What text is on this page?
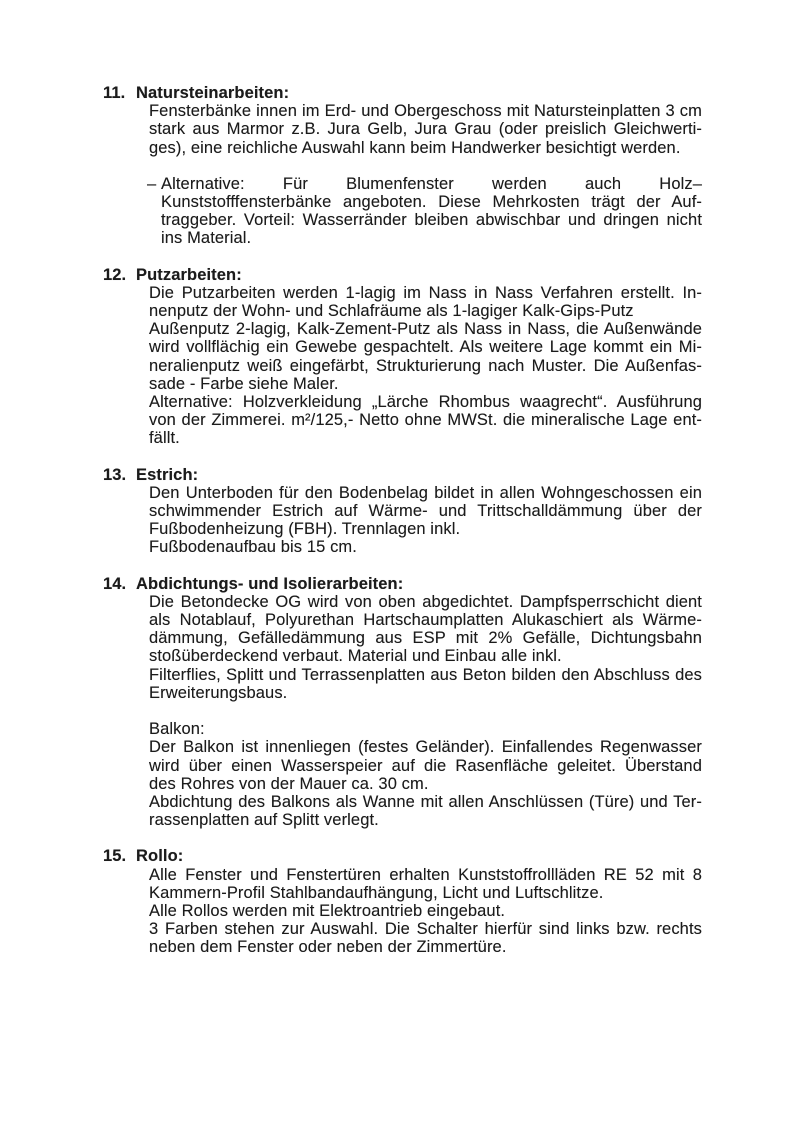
11. Natursteinarbeiten:
Fensterbänke innen im Erd- und Obergeschoss mit Natursteinplatten 3 cm
stark aus Marmor z.B. Jura Gelb, Jura Grau (oder preislich Gleichwerti-
ges), eine reichliche Auswahl kann beim Handwerker besichtigt werden.
– Alternative: Für Blumenfenster werden auch Holz–
Kunststofffensterbänke angeboten. Diese Mehrkosten trägt der Auf-
traggeber. Vorteil: Wasserränder bleiben abwischbar und dringen nicht
ins Material.
12. Putzarbeiten:
Die Putzarbeiten werden 1-lagig im Nass in Nass Verfahren erstellt. In-
nenputz der Wohn- und Schlafräume als 1-lagiger Kalk-Gips-Putz
Außenputz 2-lagig, Kalk-Zement-Putz als Nass in Nass, die Außenwände
wird vollflächig ein Gewebe gespachtelt. Als weitere Lage kommt ein Mi-
neralienputz weiß eingefärbt, Strukturierung nach Muster. Die Außenfas-
sade - Farbe siehe Maler.
Alternative: Holzverkleidung „Lärche Rhombus waagrecht“. Ausführung
von der Zimmerei. m²/125,- Netto ohne MWSt. die mineralische Lage ent-
fällt.
13. Estrich:
Den Unterboden für den Bodenbelag bildet in allen Wohngeschossen ein
schwimmender Estrich auf Wärme- und Trittschalldämmung über der
Fußbodenheizung (FBH). Trennlagen inkl.
Fußbodenaufbau bis 15 cm.
14. Abdichtungs- und Isolierarbeiten:
Die Betondecke OG wird von oben abgedichtet. Dampfsperrschicht dient
als Notablauf, Polyurethan Hartschaumplatten Alukaschiert als Wärme-
dämmung, Gefälledämmung aus ESP mit 2% Gefälle, Dichtungsbahn
stoßüberdeckend verbaut. Material und Einbau alle inkl.
Filterflies, Splitt und Terrassenplatten aus Beton bilden den Abschluss des
Erweiterungsbaus.
Balkon:
Der Balkon ist innenliegen (festes Geländer). Einfallendes Regenwasser
wird über einen Wasserspeier auf die Rasenfläche geleitet. Überstand
des Rohres von der Mauer ca. 30 cm.
Abdichtung des Balkons als Wanne mit allen Anschlüssen (Türe) und Ter-
rassenplatten auf Splitt verlegt.
15. Rollo:
Alle Fenster und Fenstertüren erhalten Kunststoffrollläden RE 52 mit 8
Kammern-Profil Stahlbandaufhängung, Licht und Luftschlitze.
Alle Rollos werden mit Elektroantrieb eingebaut.
3 Farben stehen zur Auswahl. Die Schalter hierfür sind links bzw. rechts
neben dem Fenster oder neben der Zimmertüre.
